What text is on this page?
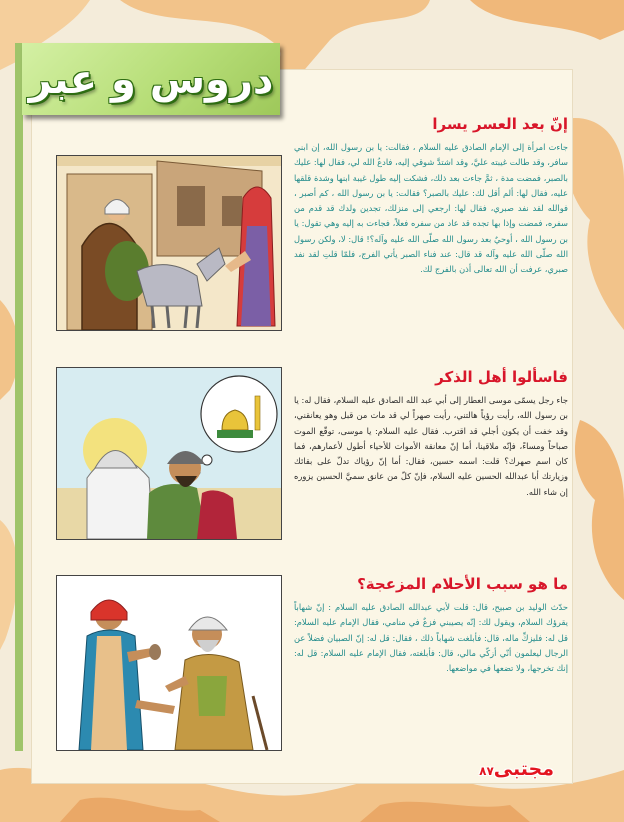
دروس و عبر
إنّ بعد العسر يسرا

جاءت امرأة إلى الإمام الصادق عليه السلام ، فقالت: يا بن رسول الله، إن ابني سافر، وقد طالت غيبته عليَّ، وقد اشتدَّ شوقي إليه، فادعُ الله لي، فقال لها: عليك بالصبر، فمضت مدة ، ثمَّ جاءت بعد ذلك، فشكت إليه طول غيبة ابنها وشدة قلقها عليه، فقال لها: ألم أقل لك: عليك بالصبر؟ فقالت: يا بن رسول الله ، كم أصبر ، فوالله لقد نفد صبري، فقال لها: ارجعي إلى منزلك، تجدين ولدك قد قدم من سفره، فمضت وإذا بها تجده قد عاد من سفره فعلاً، فجاءت به إليه وهي تقول: يا بن رسول الله ، أوحيٌ بعد رسول الله صلّى الله عليه وآله؟! قال: لا، ولكن رسول الله صلّى الله عليه وآله قد قال: عند فناء الصبر يأتي الفرج، فلمّا قلتِ لقد نفد صبري، عرفت أن الله تعالى أذن بالفرج لك.

فاسألوا أهل الذكر

جاء رجل يسمّى موسى العطار إلى أبي عبد الله الصادق عليه السلام، فقال له: يا بن رسول الله، رأيت رؤياً هالتني، رأيت صهراً لي قد مات من قبل وهو يعانقني، وقد خفت أن يكون أجلي قد اقترب. فقال عليه السلام: يا موسى، توقّع الموت صباحاً ومساءً، فإنّه ملاقينا، أما إنّ معانقة الأموات للأحياء أطول لأعمارهم، فما كان اسم صهرك؟ قلت: اسمه حسين، فقال: أما إنّ رؤياك تدلّ على بقائك وزيارتك أبا عبدالله الحسين عليه السلام، فإنّ كلّ من عانق سميَّ الحسين يزوره إن شاء الله.

ما هو سبب الأحلام المزعجة؟

حدّث الوليد بن صبيح، قال: قلت لأبي عبدالله الصادق عليه السلام : إنّ شهاباً يقرؤك السلام، ويقول لك: إنّه يصيبني فزعٌ في منامي، فقال الإمام عليه السلام: قل له: فليزكِّ ماله، قال: فأبلغت شهاباً ذلك ، فقال: قل له: إنّ الصبيان فضلاً عن الرجال ليعلمون أنّي أزكّي مالي، قال: فأبلغته، فقال الإمام عليه السلام: قل له: إنك تخرجها، ولا تضعها في مواضعها.

مجتبى٨٧
